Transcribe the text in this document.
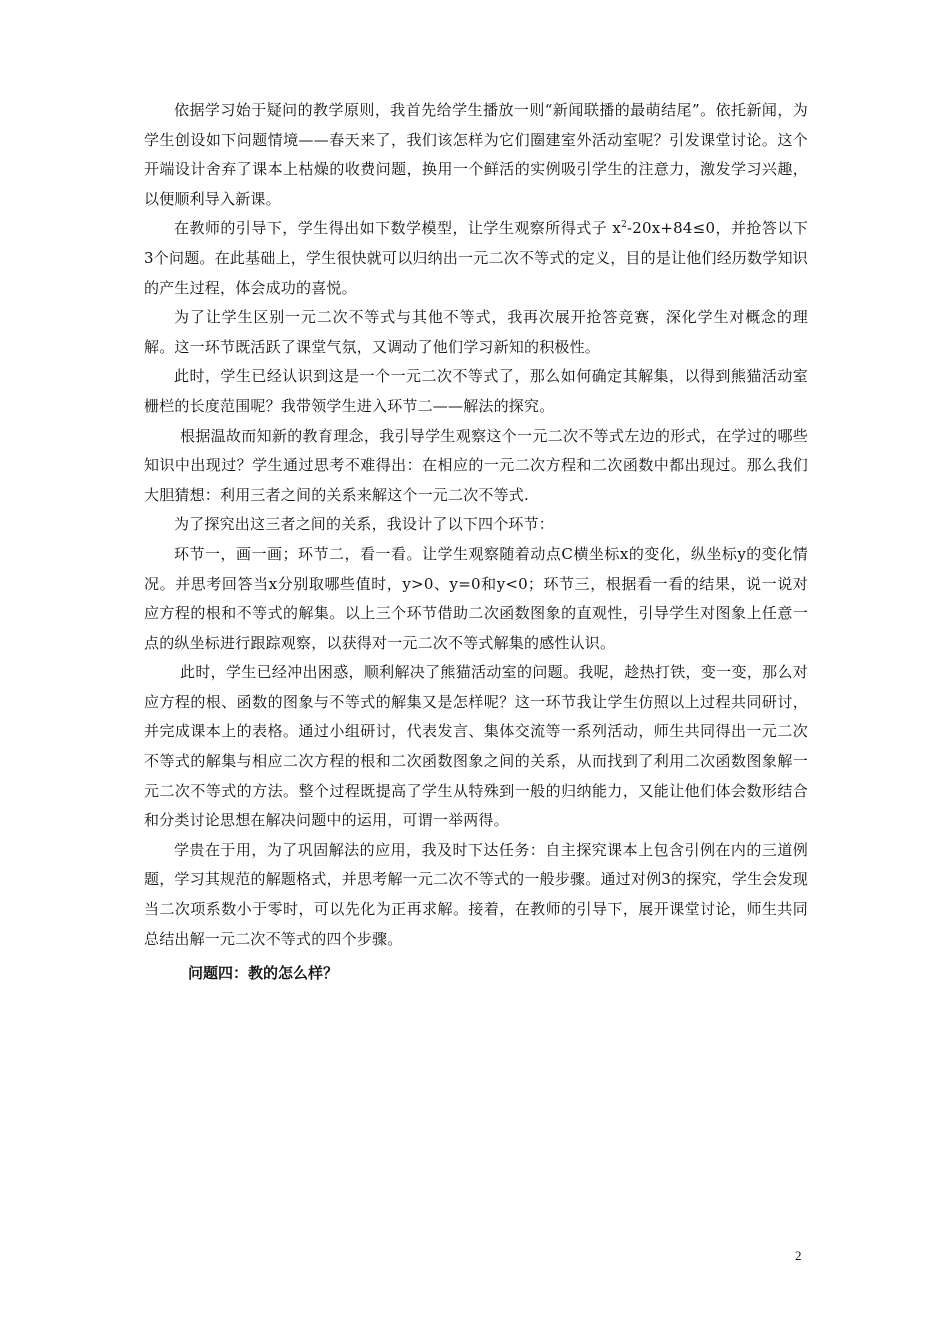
依据学习始于疑问的教学原则，我首先给学生播放一则“新闻联播的最萌结尾”。依托新闻，为学生创设如下问题情境——春天来了，我们该怎样为它们圈建室外活动室呢？引发课堂讨论。这个开端设计舍弃了课本上枯燥的收费问题，换用一个鲜活的实例吸引学生的注意力，激发学习兴趣，以便顺利导入新课。

在教师的引导下，学生得出如下数学模型，让学生观察所得式子 $x^2-20x+84\le 0$，并抢答以下3个问题。在此基础上，学生很快就可以归纳出一元二次不等式的定义，目的是让他们经历数学知识的产生过程，体会成功的喜悦。

为了让学生区别一元二次不等式与其他不等式，我再次展开抢答竞赛，深化学生对概念的理解。这一环节既活跃了课堂气氛，又调动了他们学习新知的积极性。

此时，学生已经认识到这是一个一元二次不等式了，那么如何确定其解集，以得到熊猫活动室栅栏的长度范围呢？我带领学生进入环节二——解法的探究。

根据温故而知新的教育理念，我引导学生观察这个一元二次不等式左边的形式，在学过的哪些知识中出现过？学生通过思考不难得出：在相应的一元二次方程和二次函数中都出现过。那么我们大胆猜想：利用三者之间的关系来解这个一元二次不等式.

为了探究出这三者之间的关系，我设计了以下四个环节：

环节一，画一画；环节二，看一看。让学生观察随着动点C横坐标x的变化，纵坐标y的变化情况。并思考回答当x分别取哪些值时，y>0、y=0和y<0；环节三，根据看一看的结果，说一说对应方程的根和不等式的解集。以上三个环节借助二次函数图象的直观性，引导学生对图象上任意一点的纵坐标进行跟踪观察，以获得对一元二次不等式解集的感性认识。

此时，学生已经冲出困惑，顺利解决了熊猫活动室的问题。我呢，趁热打铁，变一变，那么对应方程的根、函数的图象与不等式的解集又是怎样呢？这一环节我让学生仿照以上过程共同研讨，并完成课本上的表格。通过小组研讨，代表发言、集体交流等一系列活动，师生共同得出一元二次不等式的解集与相应二次方程的根和二次函数图象之间的关系，从而找到了利用二次函数图象解一元二次不等式的方法。整个过程既提高了学生从特殊到一般的归纳能力，又能让他们体会数形结合和分类讨论思想在解决问题中的运用，可谓一举两得。

学贵在于用，为了巩固解法的应用，我及时下达任务：自主探究课本上包含引例在内的三道例题，学习其规范的解题格式，并思考解一元二次不等式的一般步骤。通过对例3的探究，学生会发现当二次项系数小于零时，可以先化为正再求解。接着，在教师的引导下，展开课堂讨论，师生共同总结出解一元二次不等式的四个步骤。

问题四：教的怎么样？

2
